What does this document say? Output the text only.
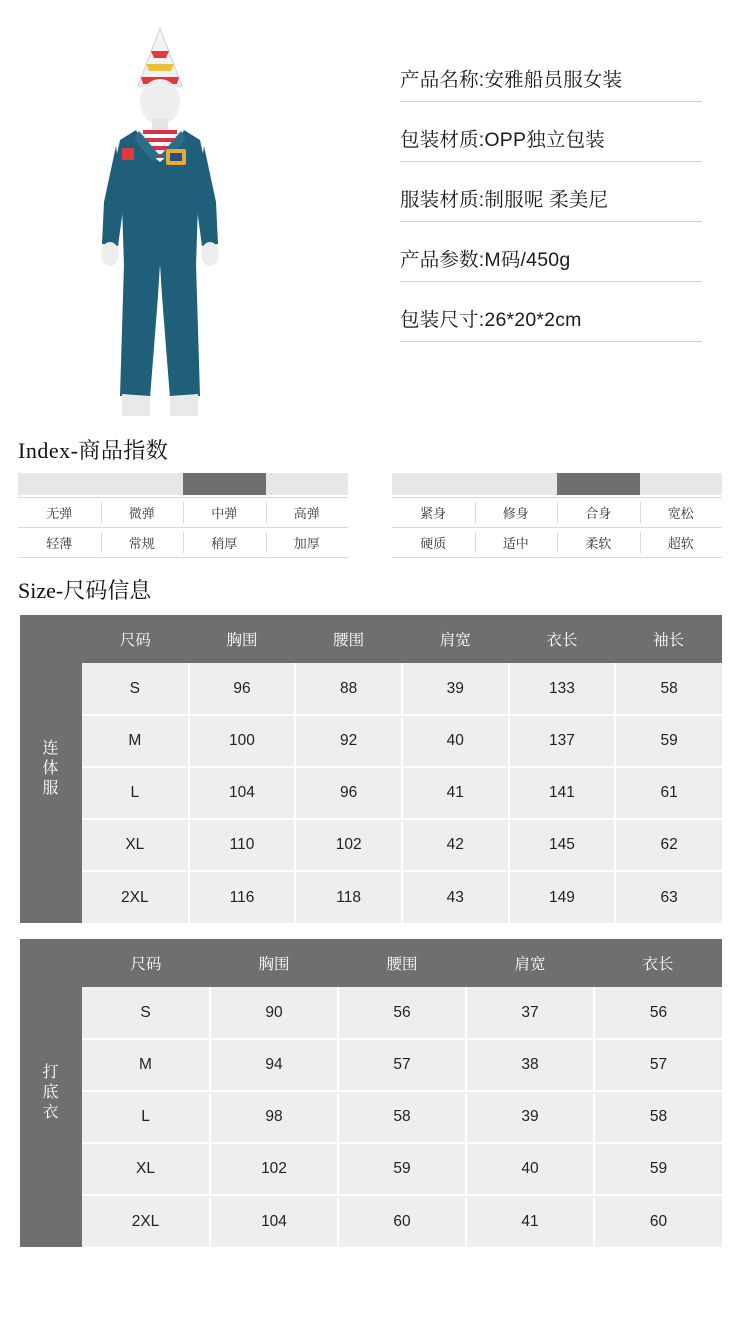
产品名称:安雅船员服女装
包装材质:OPP独立包装
服装材质:制服呢 柔美尼
产品参数:M码/450g
包装尺寸:26*20*2cm
Index-商品指数
无弹	微弹	中弹	高弹
轻薄	常规	稍厚	加厚
紧身	修身	合身	宽松
硬质	适中	柔软	超软
Size-尺码信息
连体服
尺码	胸围	腰围	肩宽	衣长	袖长
S	96	88	39	133	58
M	100	92	40	137	59
L	104	96	41	141	61
XL	110	102	42	145	62
2XL	116	118	43	149	63
打底衣
尺码	胸围	腰围	肩宽	衣长
S	90	56	37	56
M	94	57	38	57
L	98	58	39	58
XL	102	59	40	59
2XL	104	60	41	60
